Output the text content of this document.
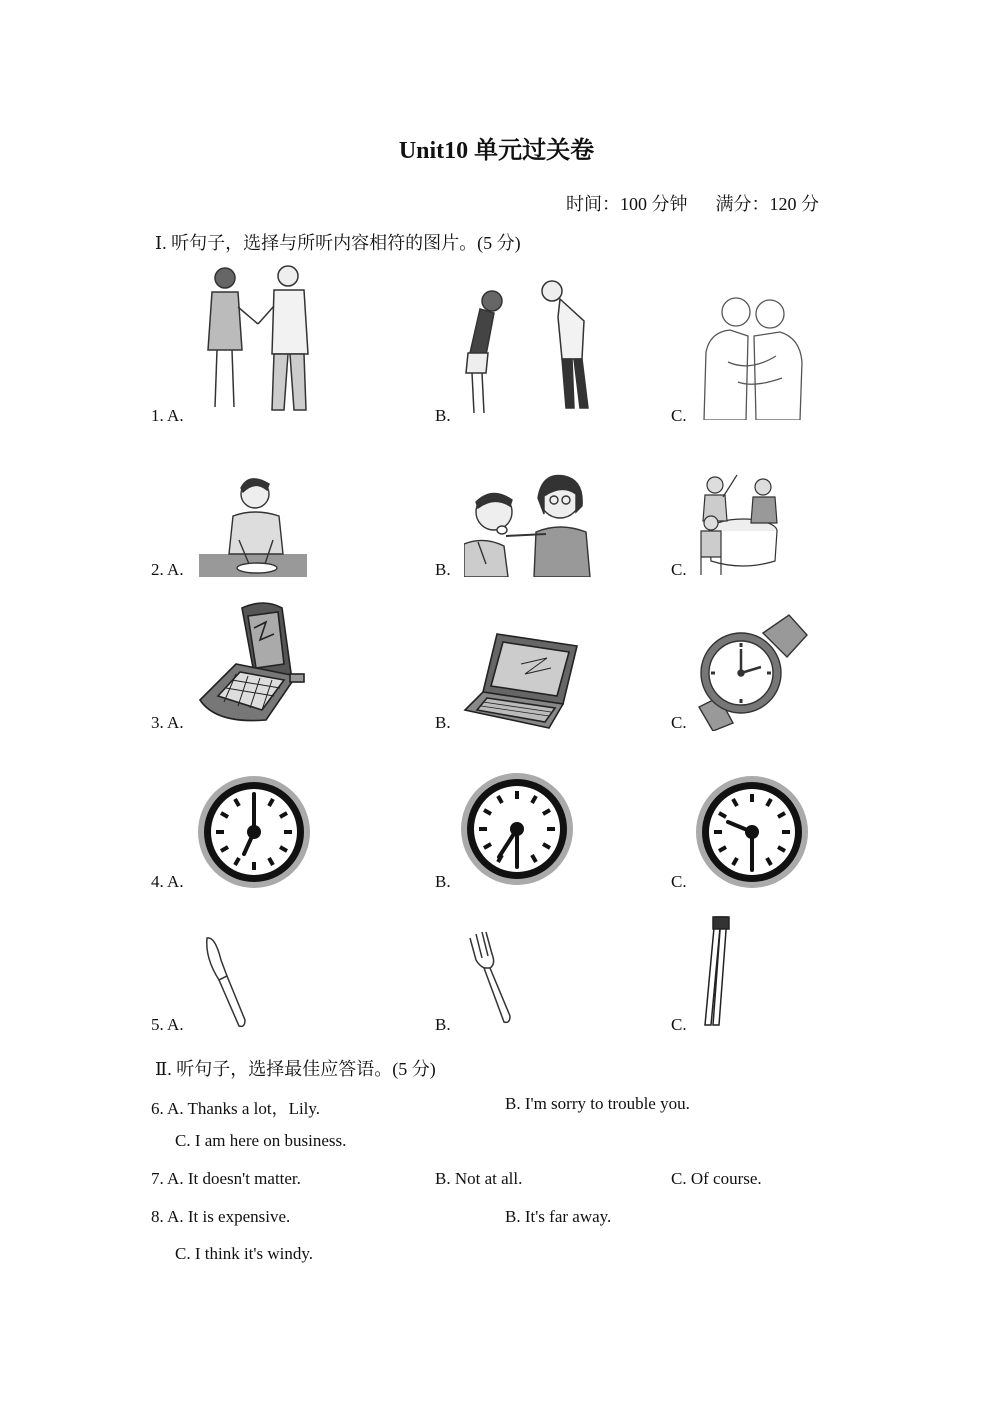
Unit10 单元过关卷
时间：100 分钟 满分：120 分
Ⅰ. 听句子，选择与所听内容相符的图片。(5 分)
1. A.	B.	C.
2. A.	B.	C.
3. A.	B.	C.
4. A.	B.	C.
5. A.	B.	C.
Ⅱ. 听句子，选择最佳应答语。(5 分)
6. A. Thanks a lot，Lily.	B. I'm sorry to trouble you.
C. I am here on business.
7. A. It doesn't matter.	B. Not at all.	C. Of course.
8. A. It is expensive.	B. It's far away.
C. I think it's windy.
